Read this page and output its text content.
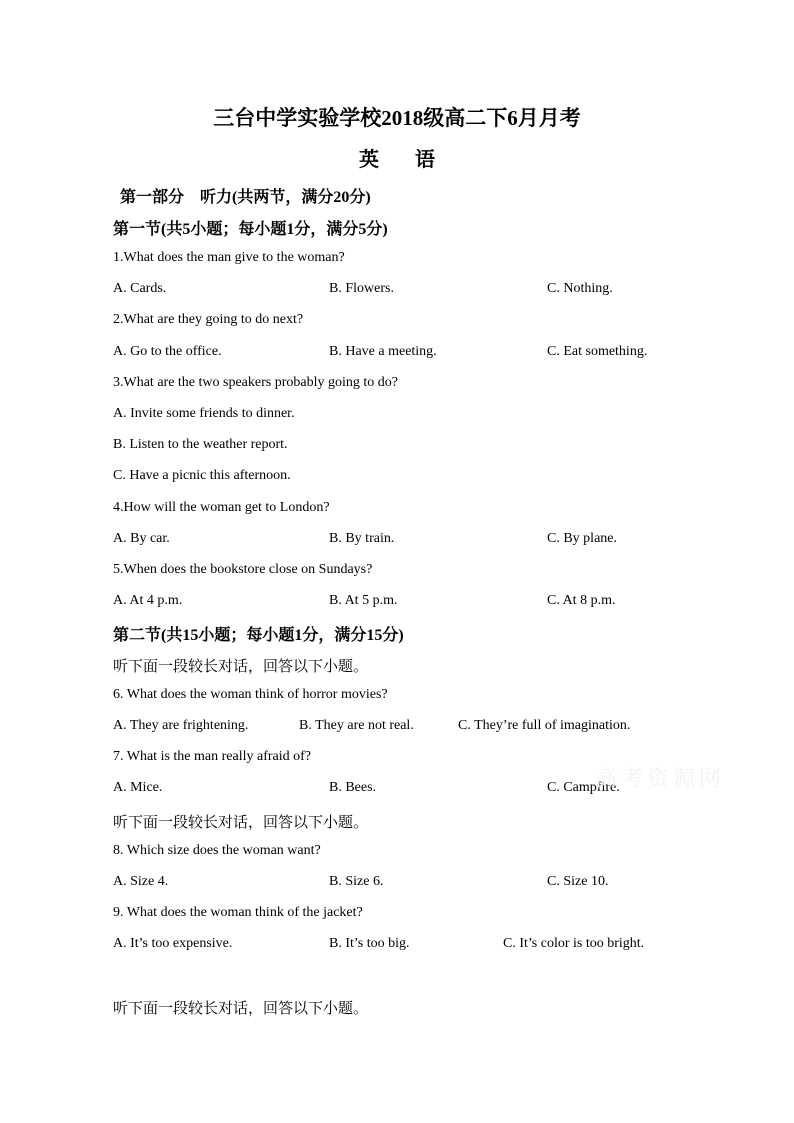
三台中学实验学校2018级高二下6月月考
英 语
第一部分　听力(共两节，满分20分)
第一节(共5小题；每小题1分，满分5分)
1.What does the man give to the woman?
A. Cards.	B. Flowers.	C. Nothing.
2.What are they going to do next?
A. Go to the office.	B. Have a meeting.	C. Eat something.
3.What are the two speakers probably going to do?
A. Invite some friends to dinner.
B. Listen to the weather report.
C. Have a picnic this afternoon.
4.How will the woman get to London?
A. By car.	B. By train.	C. By plane.
5.When does the bookstore close on Sundays?
A. At 4 p.m.	B. At 5 p.m.	C. At 8 p.m.
第二节(共15小题；每小题1分，满分15分)
听下面一段较长对话，回答以下小题。
6. What does the woman think of horror movies?
A. They are frightening.	B. They are not real.	C. They’re full of imagination.
7. What is the man really afraid of?
A. Mice.	B. Bees.	C. Campfire.
高考资源网
听下面一段较长对话，回答以下小题。
8. Which size does the woman want?
A. Size 4.	B. Size 6.	C. Size 10.
9. What does the woman think of the jacket?
A. It’s too expensive.	B. It’s too big.	C. It’s color is too bright.
听下面一段较长对话，回答以下小题。
